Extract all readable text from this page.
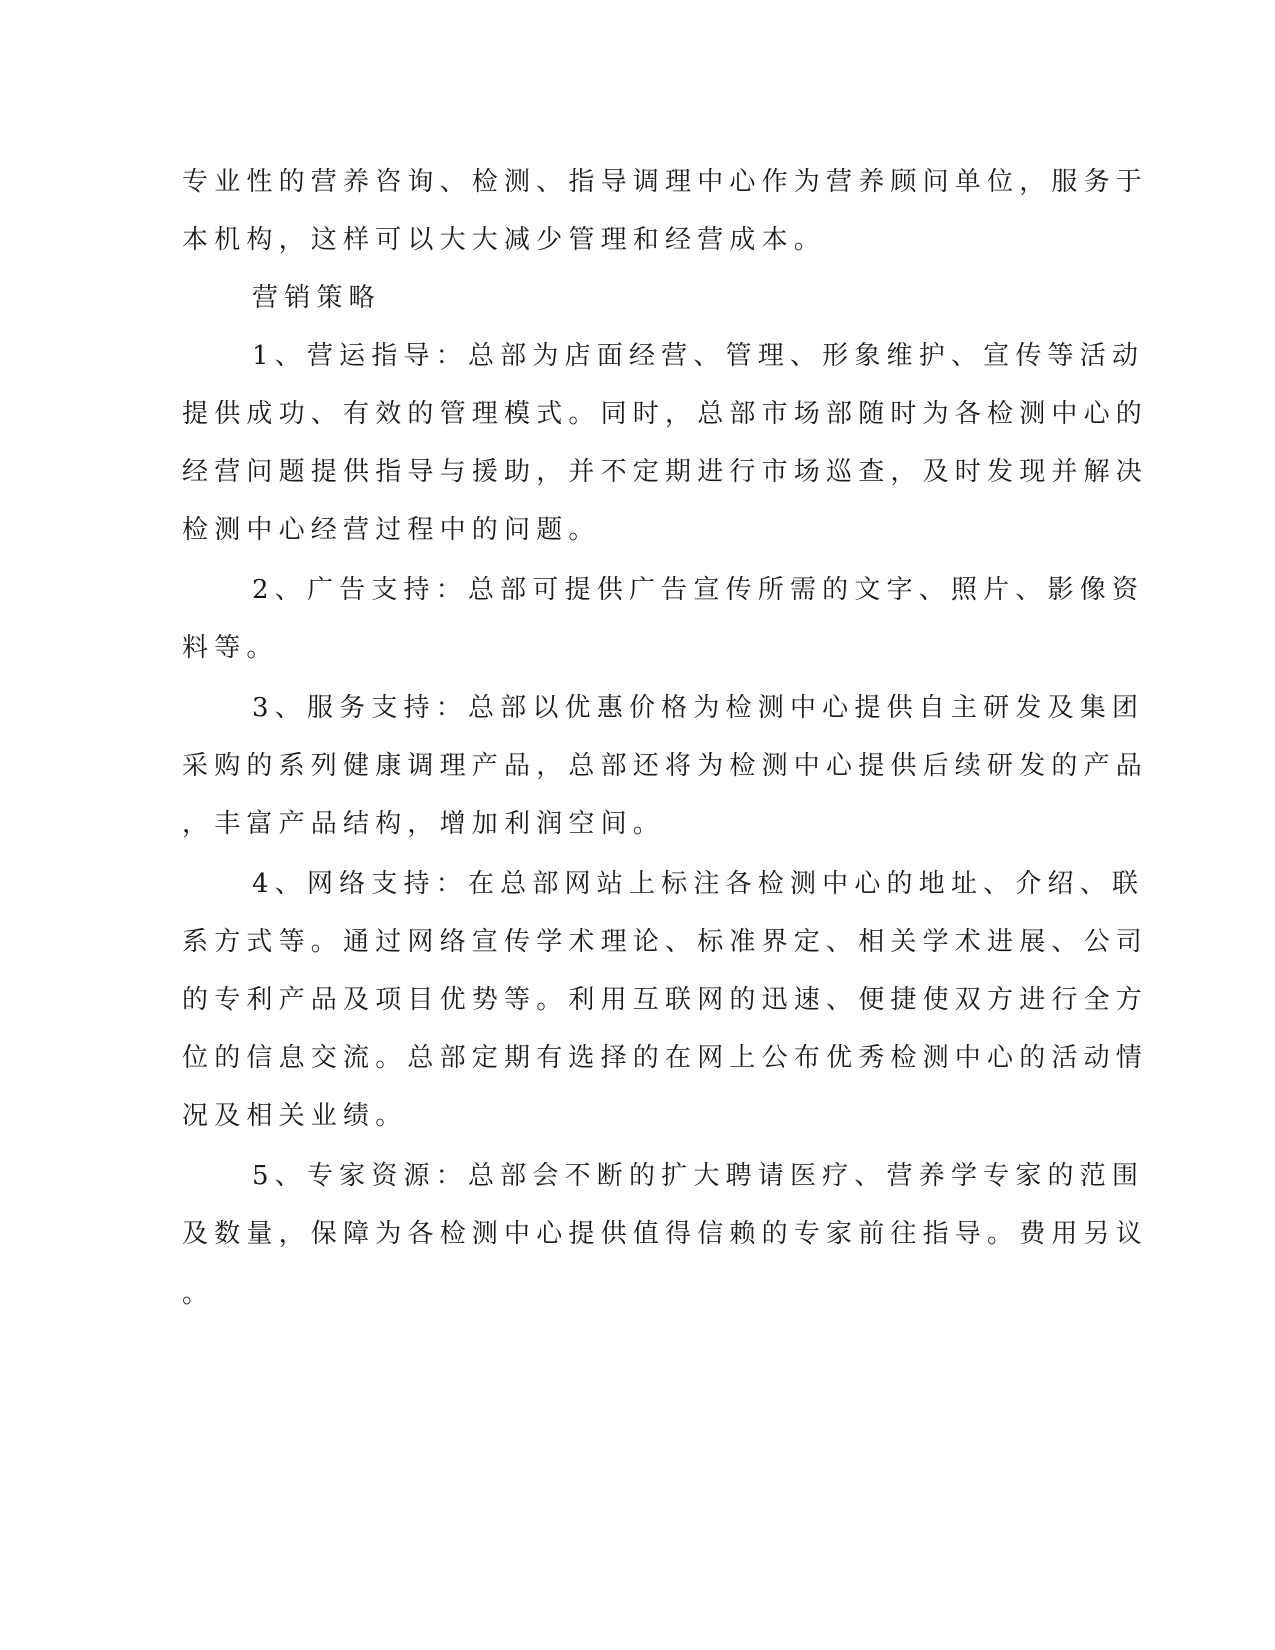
专业性的营养咨询、检测、指导调理中心作为营养顾问单位，服务于
本机构，这样可以大大减少管理和经营成本。
营销策略
1、营运指导：总部为店面经营、管理、形象维护、宣传等活动
提供成功、有效的管理模式。同时，总部市场部随时为各检测中心的
经营问题提供指导与援助，并不定期进行市场巡查，及时发现并解决
检测中心经营过程中的问题。
2、广告支持：总部可提供广告宣传所需的文字、照片、影像资
料等。
3、服务支持：总部以优惠价格为检测中心提供自主研发及集团
采购的系列健康调理产品，总部还将为检测中心提供后续研发的产品
，丰富产品结构，增加利润空间。
4、网络支持：在总部网站上标注各检测中心的地址、介绍、联
系方式等。通过网络宣传学术理论、标准界定、相关学术进展、公司
的专利产品及项目优势等。利用互联网的迅速、便捷使双方进行全方
位的信息交流。总部定期有选择的在网上公布优秀检测中心的活动情
况及相关业绩。
5、专家资源：总部会不断的扩大聘请医疗、营养学专家的范围
及数量，保障为各检测中心提供值得信赖的专家前往指导。费用另议
。
